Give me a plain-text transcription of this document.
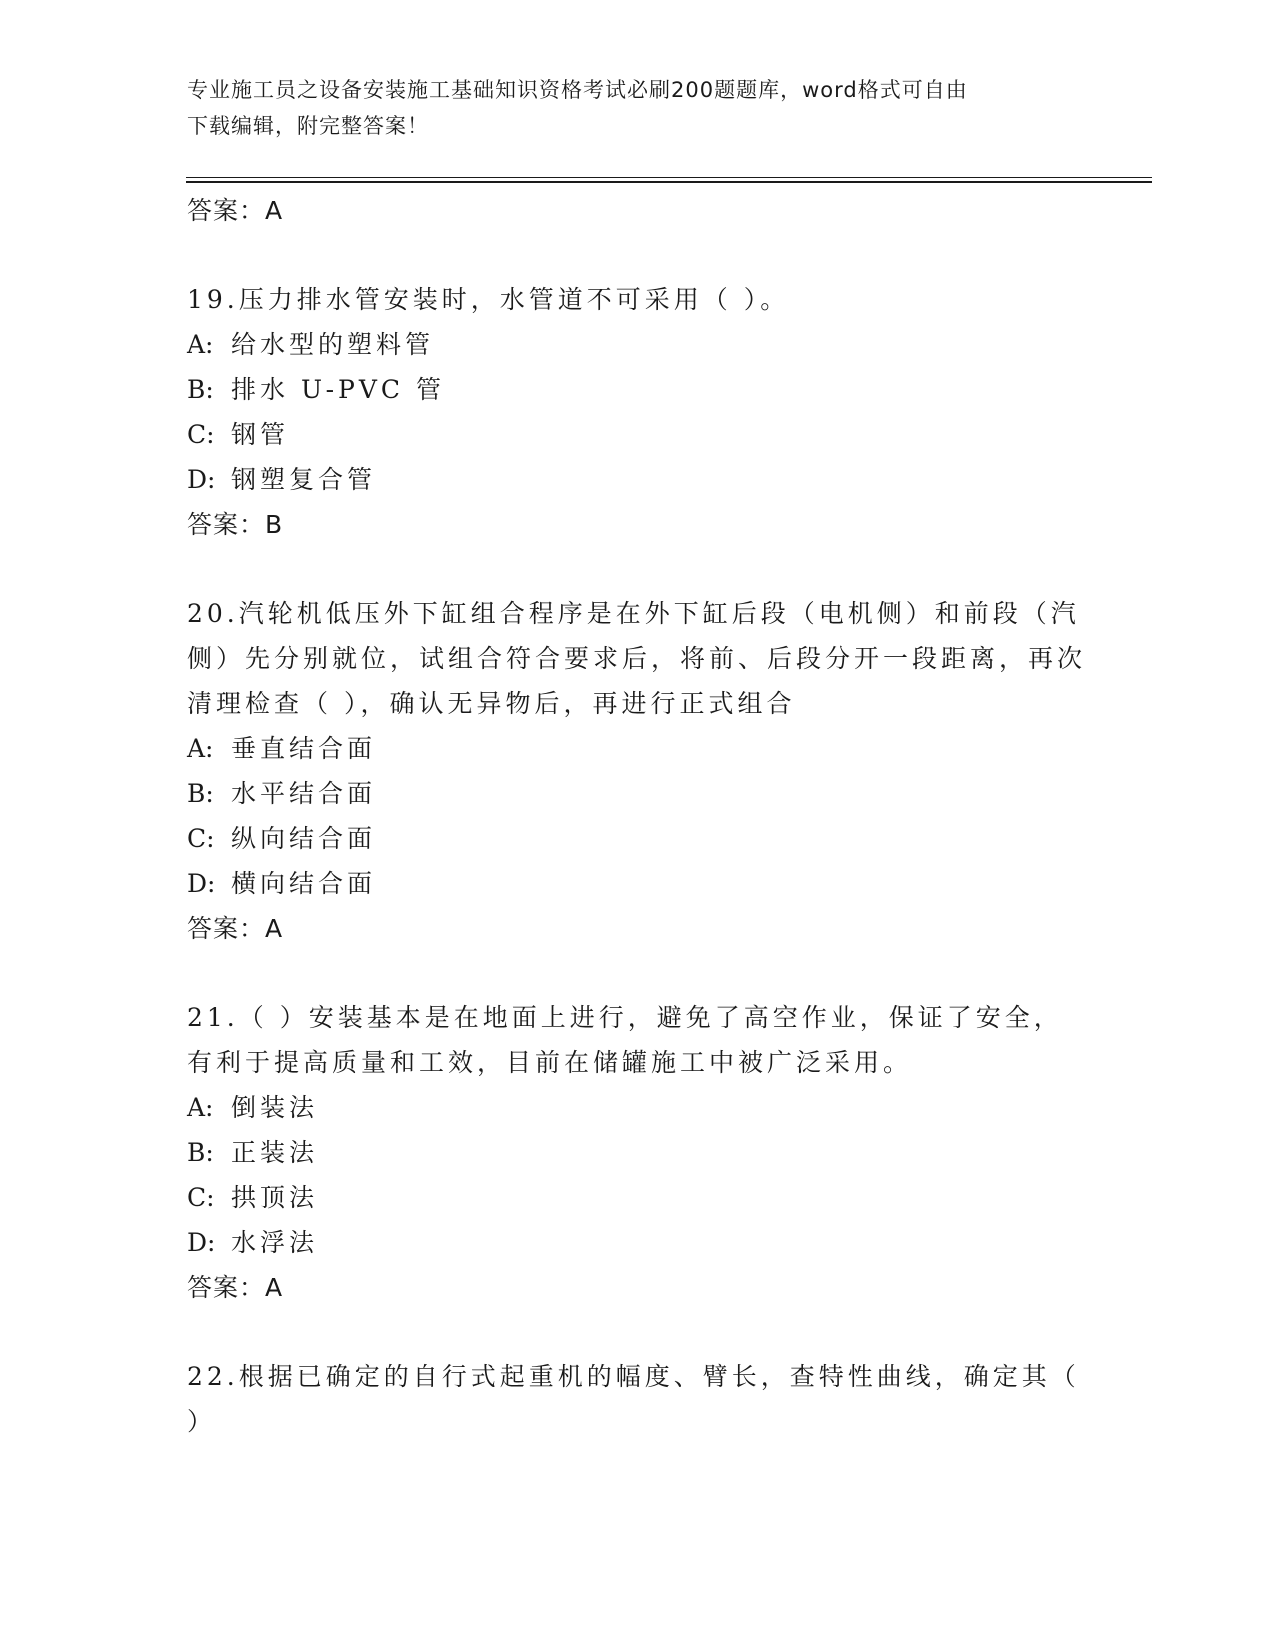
专业施工员之设备安装施工基础知识资格考试必刷200题题库，word格式可自由
下载编辑，附完整答案！
答案：A
19.压力排水管安装时，水管道不可采用（ ）。
A: 给水型的塑料管
B: 排水 U-PVC 管
C: 钢管
D: 钢塑复合管
答案：B
20.汽轮机低压外下缸组合程序是在外下缸后段（电机侧）和前段（汽侧）先分别就位，试组合符合要求后，将前、后段分开一段距离，再次清理检查（ ），确认无异物后，再进行正式组合
A: 垂直结合面
B: 水平结合面
C: 纵向结合面
D: 横向结合面
答案：A
21.（ ）安装基本是在地面上进行，避免了高空作业，保证了安全，有利于提高质量和工效，目前在储罐施工中被广泛采用。
A: 倒装法
B: 正装法
C: 拱顶法
D: 水浮法
答案：A
22.根据已确定的自行式起重机的幅度、臂长，查特性曲线，确定其（ ）
